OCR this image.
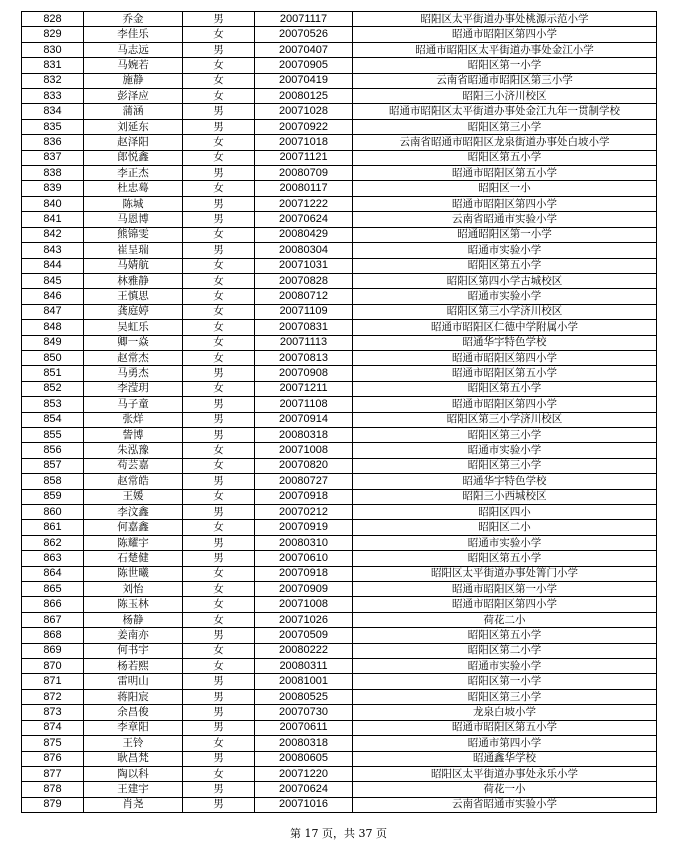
828	乔金	男	20071117	昭阳区太平街道办事处桃源示范小学
829	李佳乐	女	20070526	昭通市昭阳区第四小学
830	马志远	男	20070407	昭通市昭阳区太平街道办事处金江小学
831	马婉若	女	20070905	昭阳区第一小学
832	施静	女	20070419	云南省昭通市昭阳区第三小学
833	彭泽应	女	20080125	昭阳三小济川校区
834	蒲涵	男	20071028	昭通市昭阳区太平街道办事处金江九年一贯制学校
835	刘延东	男	20070922	昭阳区第三小学
836	赵泽阳	女	20071018	云南省昭通市昭阳区龙泉街道办事处白坡小学
837	郎悦鑫	女	20071121	昭阳区第五小学
838	李正杰	男	20080709	昭通市昭阳区第五小学
839	杜忠蓦	女	20080117	昭阳区一小
840	陈城	男	20071222	昭通市昭阳区第四小学
841	马恩博	男	20070624	云南省昭通市实验小学
842	熊锦雯	女	20080429	昭通昭阳区第一小学
843	崔呈瑞	男	20080304	昭通市实验小学
844	马婧航	女	20071031	昭阳区第五小学
845	林雅静	女	20070828	昭阳区第四小学古城校区
846	王慎思	女	20080712	昭通市实验小学
847	龚庭婷	女	20071109	昭阳区第三小学济川校区
848	吴虹乐	女	20070831	昭通市昭阳区仁德中学附属小学
849	卿一焱	女	20071113	昭通华宇特色学校
850	赵常杰	女	20070813	昭通市昭阳区第四小学
851	马勇杰	男	20070908	昭通市昭阳区第五小学
852	李滢玥	女	20071211	昭阳区第五小学
853	马子童	男	20071108	昭通市昭阳区第四小学
854	张烊	男	20070914	昭阳区第三小学济川校区
855	訾博	男	20080318	昭阳区第三小学
856	朱泓豫	女	20071008	昭通市实验小学
857	苟芸嘉	女	20070820	昭阳区第三小学
858	赵常皓	男	20080727	昭通华宇特色学校
859	王媛	女	20070918	昭阳三小西城校区
860	李汶鑫	男	20070212	昭阳区四小
861	何嘉鑫	女	20070919	昭阳区二小
862	陈耀宇	男	20080310	昭通市实验小学
863	石楚健	男	20070610	昭阳区第五小学
864	陈世曦	女	20070918	昭阳区太平街道办事处箐门小学
865	刘怡	女	20070909	昭通市昭阳区第一小学
866	陈玉林	女	20071008	昭通市昭阳区第四小学
867	杨静	女	20071026	荷花二小
868	姜南亦	男	20070509	昭阳区第五小学
869	何书宇	女	20080222	昭阳区第二小学
870	杨若熙	女	20080311	昭通市实验小学
871	雷明山	男	20081001	昭阳区第一小学
872	蒋阳宸	男	20080525	昭阳区第三小学
873	余昌俊	男	20070730	龙泉白坡小学
874	李章阳	男	20070611	昭通市昭阳区第五小学
875	王铃	女	20080318	昭通市第四小学
876	耿昌梵	男	20080605	昭通鑫华学校
877	陶以科	女	20071220	昭阳区太平街道办事处永乐小学
878	王建宇	男	20070624	荷花一小
879	肖尧	男	20071016	云南省昭通市实验小学
第 17 页，共 37 页
